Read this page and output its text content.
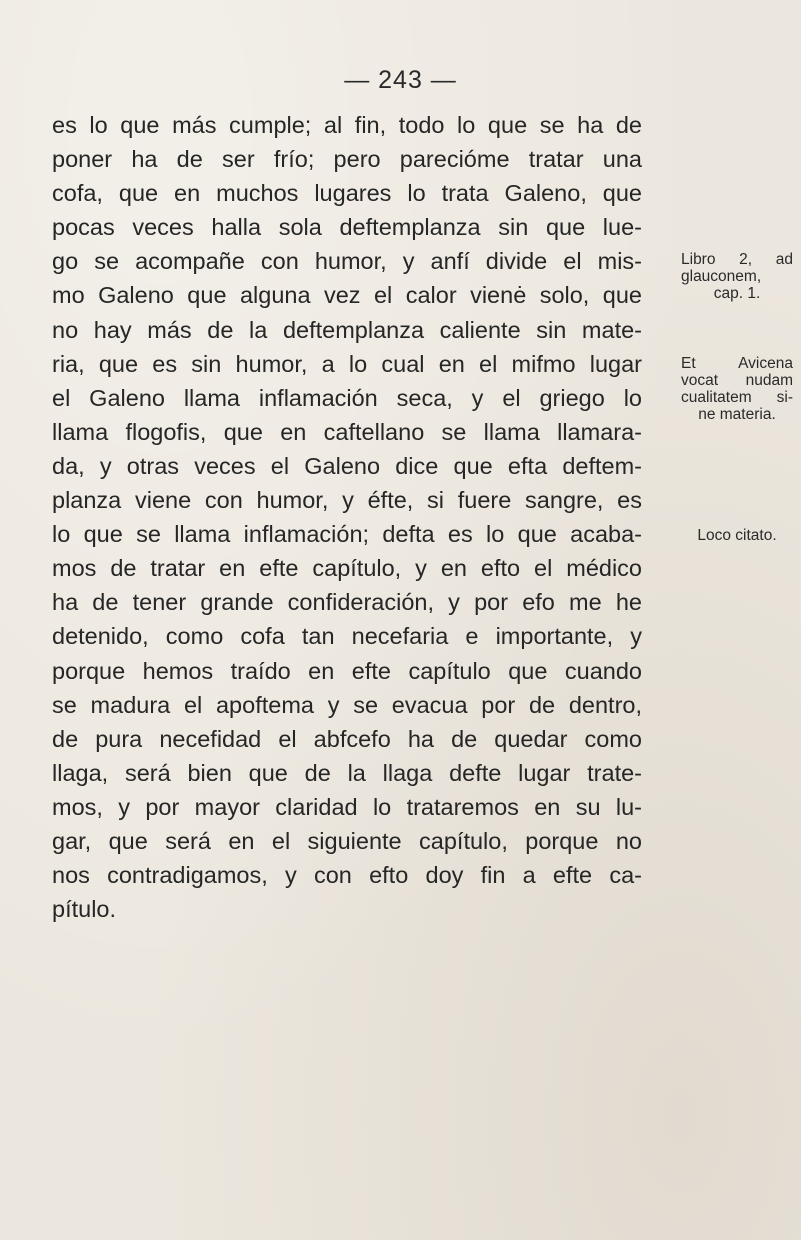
— 243 —
es lo que más cumple; al fin, todo lo que se ha de
poner ha de ser frío; pero parecióme tratar una
cofa, que en muchos lugares lo trata Galeno, que
pocas veces halla sola deftemplanza sin que lue-
go se acompañe con humor, y anfí divide el mis-
mo Galeno que alguna vez el calor vienė solo, que
no hay más de la deftemplanza caliente sin mate-
ria, que es sin humor, a lo cual en el mifmo lugar
el Galeno llama inflamación seca, y el griego lo
llama flogofis, que en caftellano se llama llamara-
da, y otras veces el Galeno dice que efta deftem-
planza viene con humor, y éfte, si fuere sangre, es
lo que se llama inflamación; defta es lo que acaba-
mos de tratar en efte capítulo, y en efto el médico
ha de tener grande confideración, y por efo me he
detenido, como cofa tan necefaria e importante, y
porque hemos traído en efte capítulo que cuando
se madura el apoftema y se evacua por de dentro,
de pura necefidad el abfcefo ha de quedar como
llaga, será bien que de la llaga defte lugar trate-
mos, y por mayor claridad lo trataremos en su lu-
gar, que será en el siguiente capítulo, porque no
nos contradigamos, y con efto doy fin a efte ca-
pítulo.
Libro 2, ad
glauconem,
cap. 1.
Et Avicena
vocat nudam
cualitatem si-
ne materia.
Loco citato.
